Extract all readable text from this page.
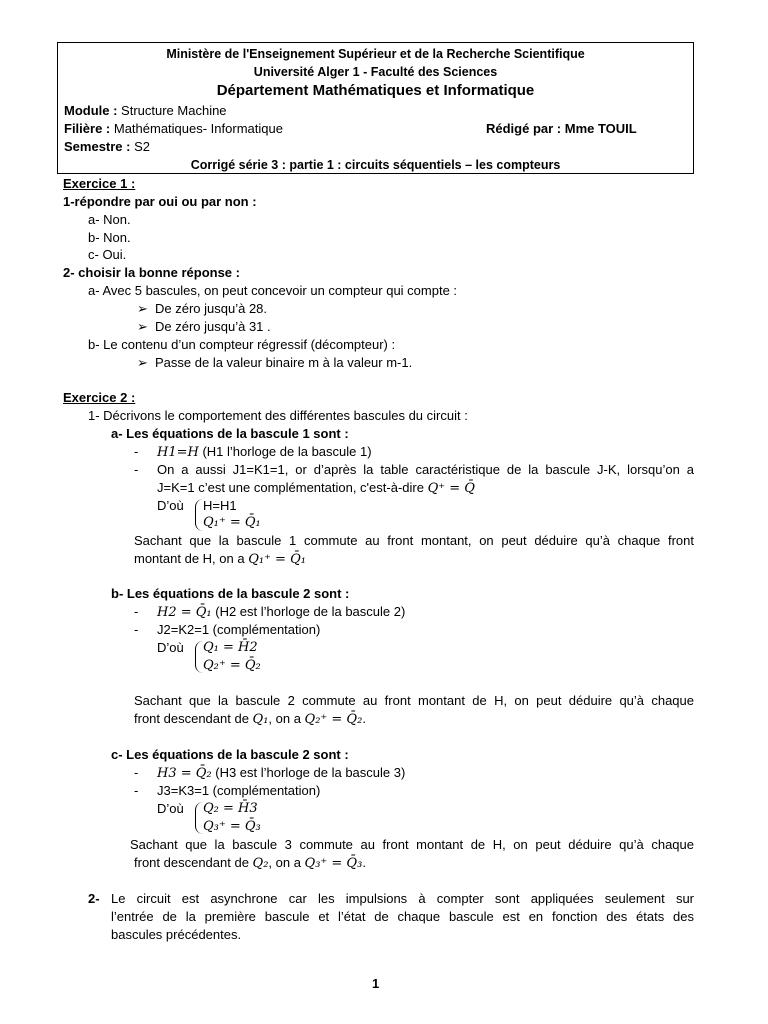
Ministère de l'Enseignement Supérieur et de la Recherche Scientifique
Université Alger 1 - Faculté des Sciences
Département Mathématiques et Informatique
Module : Structure Machine
Filière : Mathématiques- Informatique	Rédigé par : Mme TOUIL
Semestre : S2
Corrigé série 3 : partie 1 : circuits séquentiels – les compteurs
Exercice 1 :
1-répondre par oui ou par non :
a- Non.
b- Non.
c- Oui.
2- choisir la bonne réponse :
a- Avec 5 bascules, on peut concevoir un compteur qui compte :
➢ De zéro jusqu’à 28.
➢ De zéro jusqu’à 31 .
b- Le contenu d’un compteur régressif (décompteur) :
➢ Passe de la valeur binaire m à la valeur m-1.
Exercice 2 :
1- Décrivons le comportement des différentes bascules du circuit :
a- Les équations de la bascule 1 sont :
- H1=H (H1 l’horloge de la bascule 1)
- On a aussi J1=K1=1, or d’après la table caractéristique de la bascule J-K, lorsqu’on a
J=K=1 c’est une complémentation, c'est-à-dire Q⁺ = Q̄
D’où H=H1
Q₁⁺ = Q̄₁
Sachant que la bascule 1 commute au front montant, on peut déduire qu’à chaque front
montant de H, on a Q₁⁺ = Q̄₁
b- Les équations de la bascule 2 sont :
- H2 = Q̄₁ (H2 est l’horloge de la bascule 2)
- J2=K2=1 (complémentation)
D’où Q₁ = H̄2
Q₂⁺ = Q̄₂
Sachant que la bascule 2 commute au front montant de H, on peut déduire qu’à chaque
front descendant de Q₁, on a Q₂⁺ = Q̄₂.
c- Les équations de la bascule 2 sont :
- H3 = Q̄₂ (H3 est l’horloge de la bascule 3)
- J3=K3=1 (complémentation)
D’où Q₂ = H̄3
Q₃⁺ = Q̄₃
Sachant que la bascule 3 commute au front montant de H, on peut déduire qu’à chaque
front descendant de Q₂, on a Q₃⁺ = Q̄₃.
2- Le circuit est asynchrone car les impulsions à compter sont appliquées seulement sur
l’entrée de la première bascule et l’état de chaque bascule est en fonction des états des
bascules précédentes.
1
